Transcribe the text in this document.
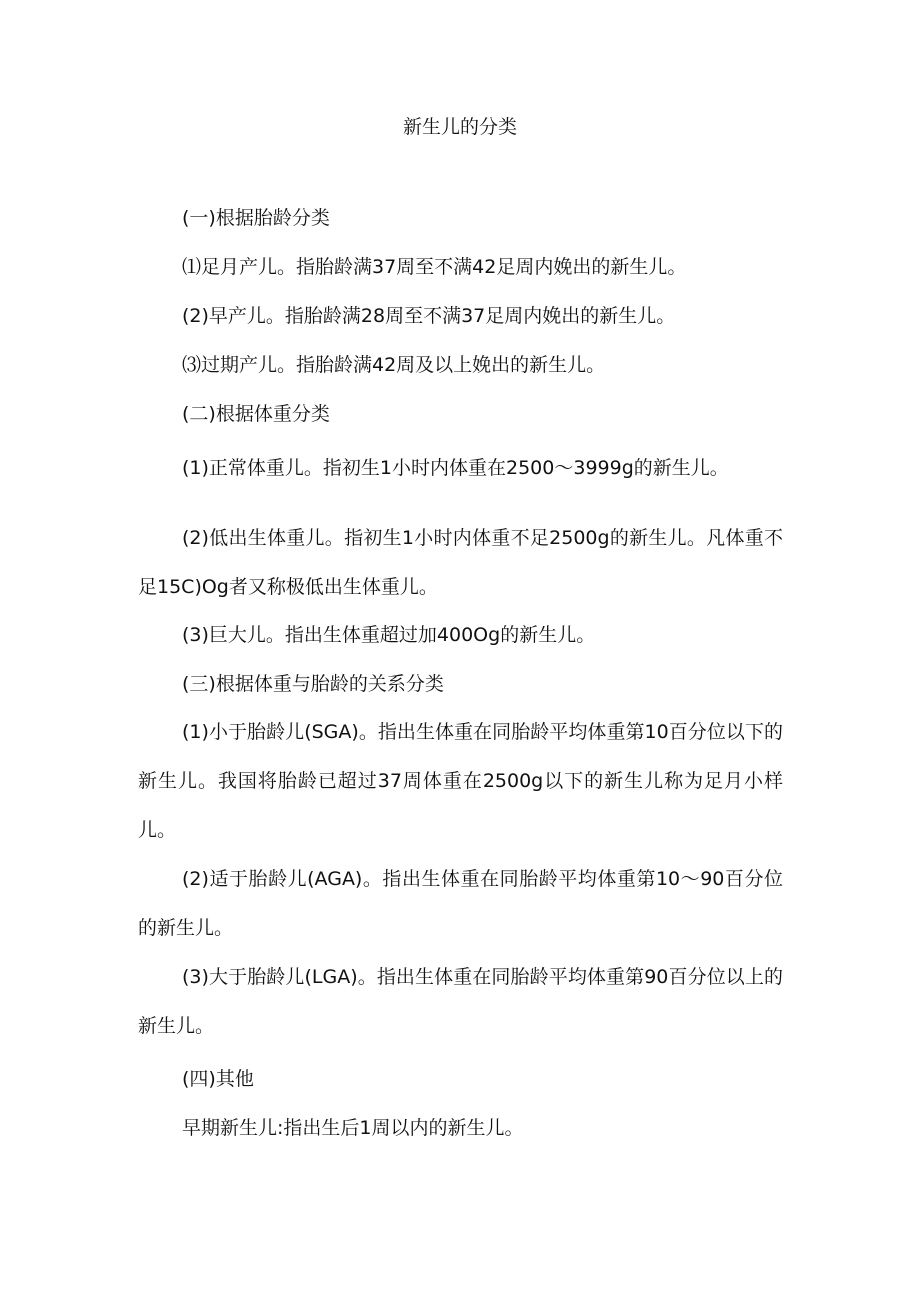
新生儿的分类
(一)根据胎龄分类
⑴足月产儿。指胎龄满37周至不满42足周内娩出的新生儿。
(2)早产儿。指胎龄满28周至不满37足周内娩出的新生儿。
⑶过期产儿。指胎龄满42周及以上娩出的新生儿。
(二)根据体重分类
(1)正常体重儿。指初生1小时内体重在2500～3999g的新生儿。
(2)低出生体重儿。指初生1小时内体重不足2500g的新生儿。凡体重不足15C)Og者又称极低出生体重儿。
(3)巨大儿。指出生体重超过加400Og的新生儿。
(三)根据体重与胎龄的关系分类
(1)小于胎龄儿(SGA)。指出生体重在同胎龄平均体重第10百分位以下的新生儿。我国将胎龄已超过37周体重在2500g以下的新生儿称为足月小样儿。
(2)适于胎龄儿(AGA)。指出生体重在同胎龄平均体重第10～90百分位的新生儿。
(3)大于胎龄儿(LGA)。指出生体重在同胎龄平均体重第90百分位以上的新生儿。
(四)其他
早期新生儿:指出生后1周以内的新生儿。
